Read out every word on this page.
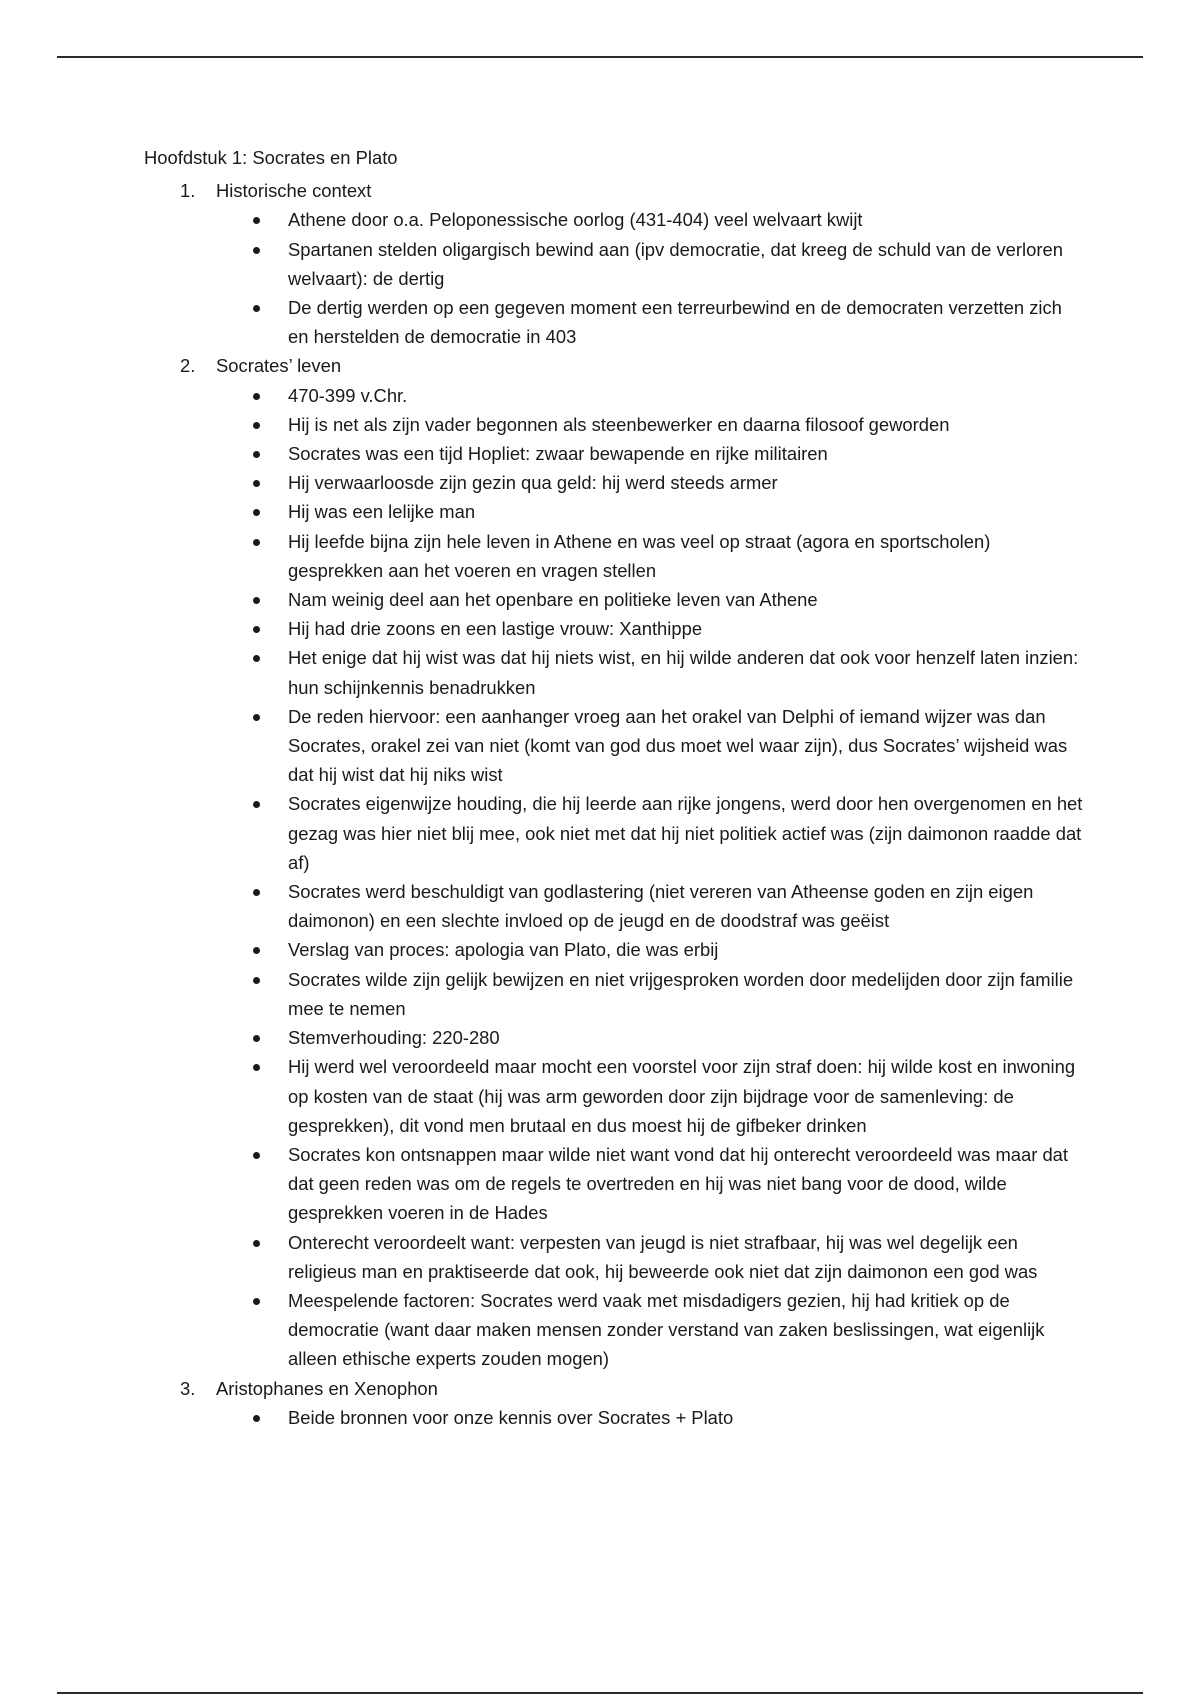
Hoofdstuk 1: Socrates en Plato
1. Historische context
Athene door o.a. Peloponessische oorlog (431-404) veel welvaart kwijt
Spartanen stelden oligargisch bewind aan (ipv democratie, dat kreeg de schuld van de verloren welvaart): de dertig
De dertig werden op een gegeven moment een terreurbewind en de democraten verzetten zich en herstelden de democratie in 403
2. Socrates’ leven
470-399 v.Chr.
Hij is net als zijn vader begonnen als steenbewerker en daarna filosoof geworden
Socrates was een tijd Hopliet: zwaar bewapende en rijke militairen
Hij verwaarloosde zijn gezin qua geld: hij werd steeds armer
Hij was een lelijke man
Hij leefde bijna zijn hele leven in Athene en was veel op straat (agora en sportscholen) gesprekken aan het voeren en vragen stellen
Nam weinig deel aan het openbare en politieke leven van Athene
Hij had drie zoons en een lastige vrouw: Xanthippe
Het enige dat hij wist was dat hij niets wist, en hij wilde anderen dat ook voor henzelf laten inzien: hun schijnkennis benadrukken
De reden hiervoor: een aanhanger vroeg aan het orakel van Delphi of iemand wijzer was dan Socrates, orakel zei van niet (komt van god dus moet wel waar zijn), dus Socrates’ wijsheid was dat hij wist dat hij niks wist
Socrates eigenwijze houding, die hij leerde aan rijke jongens, werd door hen overgenomen en het gezag was hier niet blij mee, ook niet met dat hij niet politiek actief was (zijn daimonon raadde dat af)
Socrates werd beschuldigt van godlastering (niet vereren van Atheense goden en zijn eigen daimonon) en een slechte invloed op de jeugd en de doodstraf was geëist
Verslag van proces: apologia van Plato, die was erbij
Socrates wilde zijn gelijk bewijzen en niet vrijgesproken worden door medelijden door zijn familie mee te nemen
Stemverhouding: 220-280
Hij werd wel veroordeeld maar mocht een voorstel voor zijn straf doen: hij wilde kost en inwoning op kosten van de staat (hij was arm geworden door zijn bijdrage voor de samenleving: de gesprekken), dit vond men brutaal en dus moest hij de gifbeker drinken
Socrates kon ontsnappen maar wilde niet want vond dat hij onterecht veroordeeld was maar dat dat geen reden was om de regels te overtreden en hij was niet bang voor de dood, wilde gesprekken voeren in de Hades
Onterecht veroordeelt want: verpesten van jeugd is niet strafbaar, hij was wel degelijk een religieus man en praktiseerde dat ook, hij beweerde ook niet dat zijn daimonon een god was
Meespelende factoren: Socrates werd vaak met misdadigers gezien, hij had kritiek op de democratie (want daar maken mensen zonder verstand van zaken beslissingen, wat eigenlijk alleen ethische experts zouden mogen)
3. Aristophanes en Xenophon
Beide bronnen voor onze kennis over Socrates + Plato
